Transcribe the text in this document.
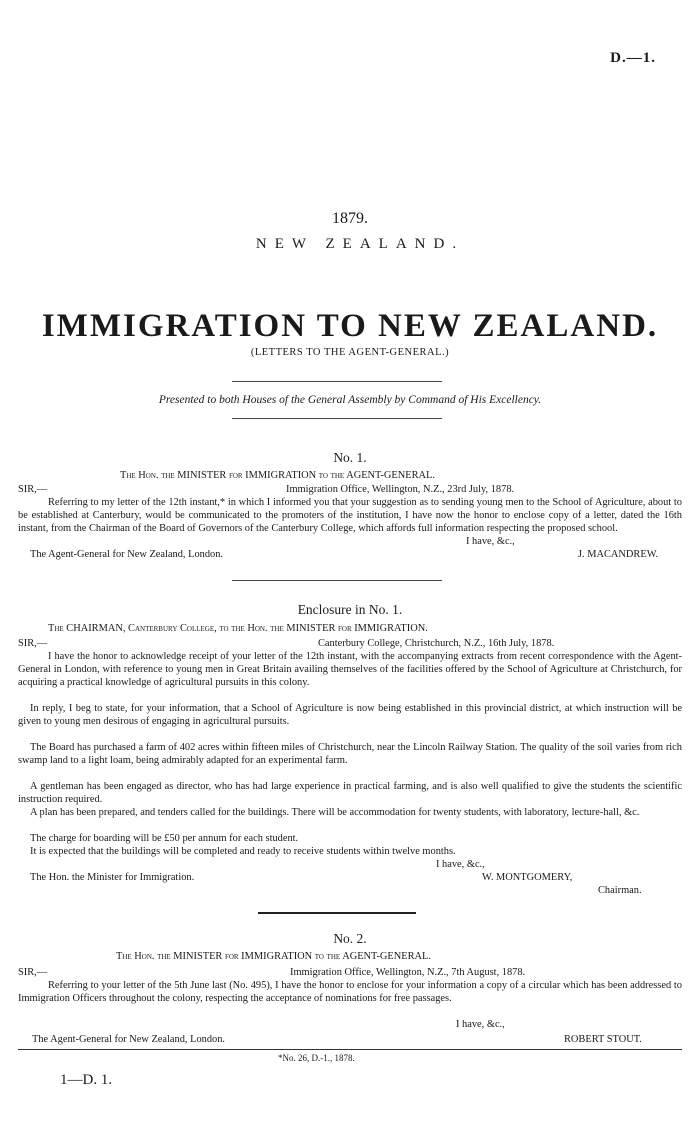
D.—1.
1879.
NEW ZEALAND.
IMMIGRATION TO NEW ZEALAND.
(LETTERS TO THE AGENT-GENERAL.)
Presented to both Houses of the General Assembly by Command of His Excellency.
No. 1.
The Hon. the MINISTER for IMMIGRATION to the AGENT-GENERAL.
SIR,—	Immigration Office, Wellington, N.Z., 23rd July, 1878.
Referring to my letter of the 12th instant,* in which I informed you that your suggestion as to sending young men to the School of Agriculture, about to be established at Canterbury, would be communicated to the promoters of the institution, I have now the honor to enclose copy of a letter, dated the 16th instant, from the Chairman of the Board of Governors of the Canterbury College, which affords full information respecting the proposed school.
I have, &c.,
The Agent-General for New Zealand, London.	J. MACANDREW.
Enclosure in No. 1.
The CHAIRMAN, Canterbury College, to the Hon. the MINISTER for IMMIGRATION.
SIR,—	Canterbury College, Christchurch, N.Z., 16th July, 1878.
I have the honor to acknowledge receipt of your letter of the 12th instant, with the accompanying extracts from recent correspondence with the Agent-General in London, with reference to young men in Great Britain availing themselves of the facilities offered by the School of Agriculture at Christchurch, for acquiring a practical knowledge of agricultural pursuits in this colony.
In reply, I beg to state, for your information, that a School of Agriculture is now being established in this provincial district, at which instruction will be given to young men desirous of engaging in agricultural pursuits.
The Board has purchased a farm of 402 acres within fifteen miles of Christchurch, near the Lincoln Railway Station. The quality of the soil varies from rich swamp land to a light loam, being admirably adapted for an experimental farm.
A gentleman has been engaged as director, who has had large experience in practical farming, and is also well qualified to give the students the scientific instruction required.
A plan has been prepared, and tenders called for the buildings. There will be accommodation for twenty students, with laboratory, lecture-hall, &c.
The charge for boarding will be £50 per annum for each student.
It is expected that the buildings will be completed and ready to receive students within twelve months.
I have, &c.,
The Hon. the Minister for Immigration.	W. MONTGOMERY,
Chairman.
No. 2.
The Hon. the MINISTER for IMMIGRATION to the AGENT-GENERAL.
SIR,—	Immigration Office, Wellington, N.Z., 7th August, 1878.
Referring to your letter of the 5th June last (No. 495), I have the honor to enclose for your information a copy of a circular which has been addressed to Immigration Officers throughout the colony, respecting the acceptance of nominations for free passages.
I have, &c.,
The Agent-General for New Zealand, London.	ROBERT STOUT.
*No. 26, D.-1., 1878.
1—D. 1.
